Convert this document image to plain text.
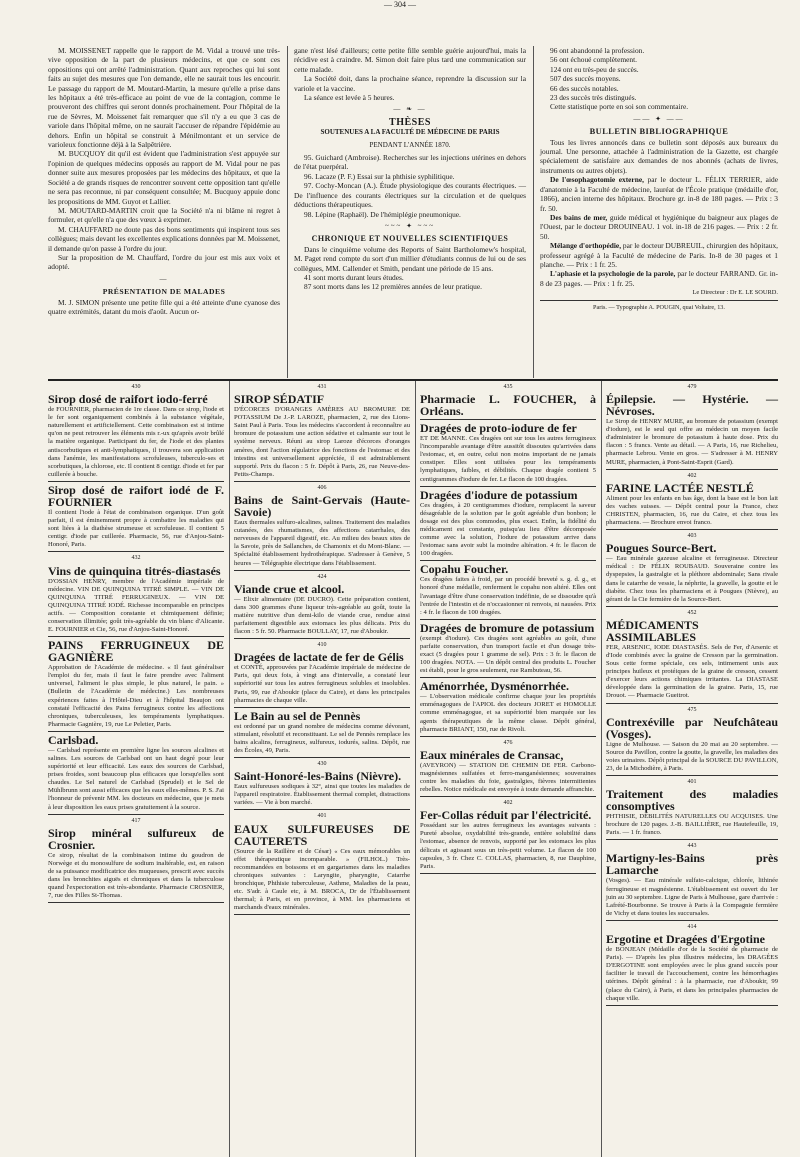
— 304 —

M. MOISSENET rappelle que le rapport de M. Vidal a trouvé une très-vive opposition de la part de plusieurs médecins, et que ce sont ces oppositions qui ont arrêté l'administration. Quant aux reproches qui lui sont faits au sujet des mesures que l'on demande, elle ne saurait tous les encourir. Le passage du rapport de M. Moutard-Martin, la mesure qu'elle a prise dans les hôpitaux a été très-efficace au point de vue de la contagion, comme le prouveront des chiffres qui seront donnés prochainement. Pour l'hôpital de la rue de Sèvres, M. Moissenet fait remarquer que s'il n'y a eu que 3 cas de variole dans l'hôpital même, on ne saurait l'accuser de répandre l'épidémie au dehors. Enfin un hôpital se construit à Ménilmontant et un service de varioleux fonctionne déjà à la Salpêtrière.

M. BUCQUOY dit qu'il est évident que l'administration s'est appuyée sur l'opinion de quelques médecins opposés au rapport de M. Vidal pour ne pas donner suite aux mesures proposées par les médecins des hôpitaux, et que la Société a de grands risques de rencontrer souvent cette opposition tant qu'elle ne sera pas reconnue, ni par conséquent consultée; M. Bucquoy appuie donc les propositions de MM. Guyot et Lallier.

M. MOUTARD-MARTIN croit que la Société n'a ni blâme ni regret à formuler, et qu'elle n'a que des vœux à exprimer.

M. CHAUFFARD ne doute pas des bons sentiments qui inspirent tous ses collègues; mais devant les excellentes explications données par M. Moissenet, il demande qu'on passe à l'ordre du jour.

Sur la proposition de M. Chauffard, l'ordre du jour est mis aux voix et adopté.

—
PRÉSENTATION DE MALADES

M. J. SIMON présente une petite fille qui a été atteinte d'une cyanose des quatre extrémités, datant du mois d'août. Aucun or-

gane n'est lésé d'ailleurs; cette petite fille semble guérie aujourd'hui, mais la récidive est à craindre. M. Simon doit faire plus tard une communication sur cette malade.

La Société doit, dans la prochaine séance, reprendre la discussion sur la variole et la vaccine.

La séance est levée à 5 heures.

— ❧ —
THÈSES
SOUTENUES A LA FACULTÉ DE MÉDECINE DE PARIS
PENDANT L'ANNÉE 1870.

95. Guichard (Ambroise). Recherches sur les injections utérines en dehors de l'état puerpéral.

96. Lacaze (P. F.) Essai sur la phthisie syphilitique.

97. Cochy-Moncan (A.). Étude physiologique des courants électriques. — De l'influence des courants électriques sur la circulation et de quelques déductions thérapeutiques.

98. Lépine (Raphaël). De l'hémiplégie pneumonique.

~~~ ✦ ~~~
CHRONIQUE ET NOUVELLES SCIENTIFIQUES

Dans le cinquième volume des Reports of Saint Bartholomew's hospital, M. Paget rend compte du sort d'un millier d'étudiants connus de lui ou de ses collègues, MM. Callender et Smith, pendant une période de 15 ans.

41 sont morts durant leurs études.

87 sont morts dans les 12 premières années de leur pratique.

96 ont abandonné la profession.

56 ont échoué complètement.

124 ont eu très-peu de succès.

507 des succès moyens.

66 des succès notables.

23 des succès très distingués.

Cette statistique porte en soi son commentaire.

—— ✦ ——
BULLETIN BIBLIOGRAPHIQUE

Tous les livres annoncés dans ce bulletin sont déposés aux bureaux du journal. Une personne, attachée à l'administration de la Gazette, est chargée spécialement de satisfaire aux demandes de nos abonnés (achats de livres, instruments ou autres objets).

De l'œsophagotomie externe, par le docteur L. FÉLIX TERRIER, aide d'anatomie à la Faculté de médecine, lauréat de l'École pratique (médaille d'or, 1866), ancien interne des hôpitaux. Brochure gr. in-8 de 180 pages. — Prix : 3 fr. 50.

Des bains de mer, guide médical et hygiénique du baigneur aux plages de l'Ouest, par le docteur DROUINEAU. 1 vol. in-18 de 216 pages. — Prix : 2 fr. 50.

Mélange d'orthopédie, par le docteur DUBREUIL, chirurgien des hôpitaux, professeur agrégé à la Faculté de médecine de Paris. In-8 de 30 pages et 1 planche. — Prix : 1 fr. 25.

L'aphasie et la psychologie de la parole, par le docteur FARRAND. Gr. in-8 de 23 pages. — Prix : 1 fr. 25.

Le Directeur : Dr E. LE SOURD.
Paris. — Typographie A. POUGIN, quai Voltaire, 13.
430
Sirop dosé de raifort iodo-ferré

de FOURNIER, pharmacien de 1re classe. Dans ce sirop, l'iode et le fer sont organiquement combinés à la substance végétale, naturellement et artificiellement. Cette combinaison est si intime qu'on ne peut retrouver les éléments mis r.-ux qu'après avoir brûlé la matière organique. Participant du fer, de l'iode et des plantes antiscorbutiques et anti-lymphatiques, il trouvera son application dans l'anémie, les manifestations scrofuleuses, tuberculo-ses et scorbutiques, la chlorose, etc. Il contient 8 centigr. d'iode et fer par cuillerée à bouche.

Sirop dosé de raifort iodé de F. FOURNIER

Il contient l'iode à l'état de combinaison organique. D'un goût parfait, il est éminemment propre à combattre les maladies qui sont liées à la diathèse strumeuse et scrofuleuse. Il contient 5 centigr. d'iode par cuillerée. Pharmacie, 56, rue d'Anjou-Saint-Honoré, Paris.

432
Vins de quinquina titrés-diastasés

D'OSSIAN HENRY, membre de l'Académie impériale de médecine. VIN DE QUINQUINA TITRÉ SIMPLE. — VIN DE QUINQUINA TITRÉ FERRUGINEUX. — VIN DE QUINQUINA TITRÉ IODÉ. Richesse incomparable en principes actifs. — Composition constante et chimiquement définie; conservation illimitée; goût très-agréable du vin blanc d'Alicante. E. FOURNIER et Cie, 56, rue d'Anjou-Saint-Honoré.

PAINS FERRUGINEUX DE GAGNIÈRE

Approbation de l'Académie de médecine. « Il faut généraliser l'emploi du fer, mais il faut le faire prendre avec l'aliment universel, l'aliment le plus simple, le plus naturel, le pain. » (Bulletin de l'Académie de médecine.) Les nombreuses expériences faites à l'Hôtel-Dieu et à l'hôpital Beaujon ont constaté l'efficacité des Pains ferrugineux contre les affections chroniques, tuberculeuses, les tempéraments lymphatiques. Pharmacie Gagnière, 19, rue Le Peletier, Paris.

Carlsbad.

— Carlsbad représente en première ligne les sources alcalines et salines. Les sources de Carlsbad ont un haut degré pour leur supériorité et leur efficacité. Les eaux des sources de Carlsbad, prises froides, sont beaucoup plus efficaces que lorsqu'elles sont chaudes. Le Sel naturel de Carlsbad (Sprudel) et le Sel de Mühlbrunn sont aussi efficaces que les eaux elles-mêmes. P. S. J'ai l'honneur de prévenir MM. les docteurs en médecine, que je mets à leur disposition les eaux prises gratuitement à la source.

417
Sirop minéral sulfureux de Crosnier.

Ce sirop, résultat de la combinaison intime du goudron de Norwège et du monosulfure de sodium inaltérable, est, en raison de sa puissance modificatrice des muqueuses, prescrit avec succès dans les bronchites aiguës et chroniques et dans la tuberculose quand l'expectoration est très-abondante. Pharmacie CROSNIER, 7, rue des Filles St-Thomas.

431
SIROP SÉDATIF

D'ÉCORCES D'ORANGES AMÈRES AU BROMURE DE POTASSIUM De J.-P. LAROZE, pharmacien, 2, rue des Lions-Saint Paul à Paris. Tous les médecins s'accordent à reconnaître au bromure de potassium une action sédative et calmante sur tout le système nerveux. Réuni au sirop Laroze d'écorces d'oranges amères, dont l'action régulatrice des fonctions de l'estomac et des intestins est universellement appréciée, il est admirablement supporté. Prix du flacon : 5 fr. Dépôt à Paris, 26, rue Neuve-des-Petits-Champs.

406
Bains de Saint-Gervais (Haute-Savoie)

Eaux thermales sulfuro-alcalines, salines. Traitement des maladies cutanées, des rhumatismes, des affections catarrhales, des nerveuses de l'appareil digestif, etc. Au milieu des beaux sites de la Savoie, près de Sallanches, de Chamonix et du Mont-Blanc. — Spécialité établissement hydrothérapique. S'adresser à Genève, 5 heures — Télégraphie électrique dans l'établissement.

424
Viande crue et alcool.

— Elixir alimentaire (DE DUCRO). Cette préparation contient, dans 300 grammes d'une liqueur très-agréable au goût, toute la matière nutritive d'un demi-kilo de viande crue, rendue ainsi parfaitement digestible aux estomacs les plus délicats. Prix du flacon : 5 fr. 50. Pharmacie BOULLAY, 17, rue d'Aboukir.

410
Dragées de lactate de fer de Gélis

et CONTÉ, approuvées par l'Académie impériale de médecine de Paris, qui deux fois, à vingt ans d'intervalle, a constaté leur supériorité sur tous les autres ferrugineux solubles et insolubles. Paris, 99, rue d'Aboukir (place du Caire), et dans les principales pharmacies de chaque ville.

Le Bain au sel de Pennès

est ordonné par un grand nombre de médecins comme dévorant, stimulant, résolutif et reconstituant. Le sel de Pennès remplace les bains alcalins, ferrugineux, sulfureux, iodurés, salins. Dépôt, rue des Écoles, 49, Paris.

430
Saint-Honoré-les-Bains (Nièvre).

Eaux sulfureuses sodiques à 32°, ainsi que toutes les maladies de l'appareil respiratoire. Établissement thermal complet, distractions variées. — Vie à bon marché.

401
EAUX SULFUREUSES DE CAUTERETS

(Source de la Raillère et de César) « Ces eaux mémorables un effet thérapeutique incomparable. » (FILHOL.) Très-recommandées en boissons et en gargarismes dans les maladies chroniques suivantes : Laryngite, pharyngite, Catarrhe bronchique, Phthisie tuberculeuse, Asthme, Maladies de la peau, etc. S'adr. à Caule etc, à M. BROCA, Dr de l'Établissement thermal; à Paris, et en province, à MM. les pharmaciens et marchands d'eaux minérales.

435
Pharmacie L. FOUCHER, à Orléans.
Dragées de proto-iodure de fer

ET DE MANNE. Ces dragées ont sur tous les autres ferrugineux l'incomparable avantage d'être aussitôt dissoutes qu'arrivées dans l'estomac, et, en outre, celui non moins important de ne jamais constiper. Elles sont utilisées pour les tempéraments lymphatiques, faibles, et débilités. Chaque dragée contient 5 centigrammes d'iodure de fer. Le flacon de 100 dragées.

Dragées d'iodure de potassium

Ces dragées, à 20 centigrammes d'iodure, remplacent la saveur désagréable de la solution par le goût agréable d'un bonbon; le dosage est des plus commodes, plus exact. Enfin, la fidélité du médicament est constante, puisqu'au lieu d'être décomposée comme avec la solution, l'iodure de potassium arrive dans l'estomac sans avoir subi la moindre altération. 4 fr. le flacon de 100 dragées.

Copahu Foucher.

Ces dragées faites à froid, par un procédé breveté s. g. d. g., et honoré d'une médaille, renferment le copahu non altéré. Elles ont l'avantage d'être d'une conservation indéfinie, de se dissoudre qu'à l'entrée de l'intestin et de n'occasionner ni renvois, ni nausées. Prix : 4 fr. le flacon de 100 dragées.

Dragées de bromure de potassium

(exempt d'iodure). Ces dragées sont agréables au goût, d'une parfaite conservation, d'un transport facile et d'un dosage très-exact (5 dragées pour 1 gramme de sel). Prix : 3 fr. le flacon de 100 dragées. NOTA. — Un dépôt central des produits L. Foucher est établi, pour le gros seulement, rue Rambuteau, 56.

Aménorrhée, Dysménorrhée.

— L'observation médicale confirme chaque jour les propriétés emménagogues de l'APIOL des docteurs JORET et HOMOLLE comme emménagogue, et sa supériorité bien marquée sur les agents thérapeutiques de la même classe. Dépôt général, pharmacie BRIANT, 150, rue de Rivoli.

476
Eaux minérales de Cransac,

(AVEYRON) — STATION DE CHEMIN DE FER. Carbono-magnésiennes sulfatées et ferro-manganésiennes; souveraines contre les maladies du foie, gastralgies, fièvres intermittentes rebelles. Notice médicale est envoyée à toute demande affranchie.

402
Fer-Collas réduit par l'électricité.

Possédant sur les autres ferrugineux les avantages suivants : Pureté absolue, oxydabilité très-grande, entière solubilité dans l'estomac, absence de renvois, supporté par les estomacs les plus délicats et agissant sous un très-petit volume. Le flacon de 100 capsules, 3 fr. Chez C. COLLAS, pharmacien, 8, rue Dauphine, Paris.

479
Épilepsie. — Hystérie. — Névroses.

Le Sirop de HENRY MURE, au bromure de potassium (exempt d'iodure), est le seul qui offre au médecin un moyen facile d'administrer le bromure de potassium à haute dose. Prix du flacon : 5 francs. Vente au détail. — A Paris, 16, rue Richelieu, pharmacie Lebrou. Vente en gros. — S'adresser à M. HENRY MURE, pharmacien, à Pont-Saint-Esprit (Gard).

402
FARINE LACTÉE NESTLÉ

Aliment pour les enfants en bas âge, dont la base est le bon lait des vaches suisses. — Dépôt central pour la France, chez CHRISTEN, pharmacien, 16, rue du Caire, et chez tous les pharmaciens. — Brochure envoi franco.

403
Pougues Source-Bert.

— Eau minérale gazeuse alcaline et ferrugineuse. Directeur médical : Dr FÉLIX ROUBAUD. Souveraine contre les dyspepsies, la gastralgie et la pléthore abdominale; Sans rivale dans le catarrhe de vessie, la néphrite, la gravelle, la goutte et le diabète. Chez tous les pharmaciens et à Pougues (Nièvre), au gérant de la Cie fermière de la Source-Bert.

452
MÉDICAMENTS ASSIMILABLES

FER, ARSENIC, IODE DIASTASÉS. Sels de Fer, d'Arsenic et d'Iode combinés avec la graine de Cresson par la germination. Sous cette forme spéciale, ces sels, intimement unis aux principes huileux et protéiques de la graine de cresson, cessent d'exercer leurs actions chimiques irritantes. La DIASTASE développée dans la germination de la graine. Paris, 15, rue Drouot. — Pharmacie Gueitrot.

475
Contrexéville par Neufchâteau (Vosges).

Ligne de Mulhouse. — Saison du 20 mai au 20 septembre. — Source du Pavillon, contre la goutte, la gravelle, les maladies des voies urinaires. Dépôt principal de la SOURCE DU PAVILLON, 23, de la Michodière, à Paris.

401
Traitement des maladies consomptives

PHTHISIE, DÉBILITÉS NATURELLES OU ACQUISES. Une brochure de 120 pages. J.-B. BAILLIÈRE, rue Hautefeuille, 19, Paris. — 1 fr. franco.

443
Martigny-les-Bains près Lamarche

(Vosges). — Eau minérale sulfato-calcique, chlorée, lithinée ferrugineuse et magnésienne. L'établissement est ouvert du 1er juin au 30 septembre. Ligne de Paris à Mulhouse, gare d'arrivée : Lafrété-Bourbonne. Se trouve à Paris à la Compagnie fermière de Vichy et dans toutes les succursales.

414
Ergotine et Dragées d'Ergotine

de BONJEAN (Médaille d'or de la Société de pharmacie de Paris). — D'après les plus illustres médecins, les DRAGÉES D'ERGOTINE sont employées avec le plus grand succès pour faciliter le travail de l'accouchement, contre les hémorrhagies utérines. Dépôt général : à la pharmacie, rue d'Aboukir, 99 (place du Caire), à Paris, et dans les principales pharmacies de chaque ville.
